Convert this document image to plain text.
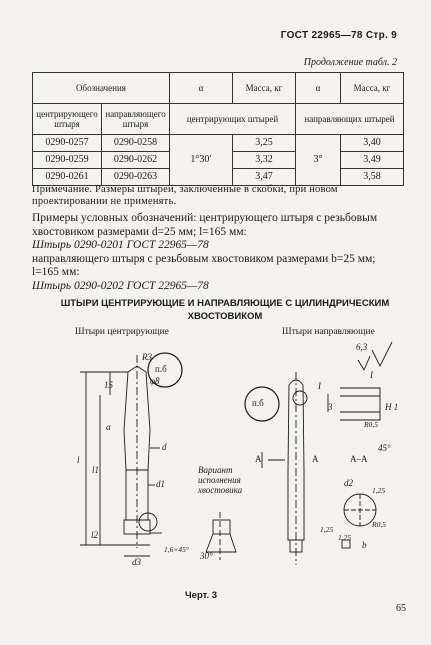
ГОСТ 22965—78 Стр. 9
Продолжение табл. 2
Обозначения		α	Масса, кг	α	Масса, кг
центрирующего штыря	направляющего штыря	центрирующих штырей		направляющих штырей	
0290-0257	0290-0258	1°30′	3,25	3°	3,40
0290-0259	0290-0262		3,32		3,49
0290-0261	0290-0263		3,47		3,58
Примечание. Размеры штырей, заключенные в скобки, при новом проектировании не применять.
Примеры условных обозначений: центрирующего штыря с резьбовым хвостовиком размерами d=25 мм; l=165 мм:
Штырь 0290-0201 ГОСТ 22965—78
направляющего штыря с резьбовым хвостовиком размерами b=25 мм; l=165 мм:
Штырь 0290-0202 ГОСТ 22965—78
ШТЫРИ ЦЕНТРИРУЮЩИЕ И НАПРАВЛЯЮЩИЕ С ЦИЛИНДРИЧЕСКИМ ХВОСТОВИКОМ
Штыри центрирующие	Штыри направляющие
R3
φ8
15
α
d
l
l1
l2
d1
d3
1,6×45°
п.б
п.б
Вариант исполнения хвостовика
30°
I
I
6,3
A	A	A–A
d2
3	H 1
R0,5
R0,5
45°
1,25
1,25
1,25
b
Черт. 3
65
